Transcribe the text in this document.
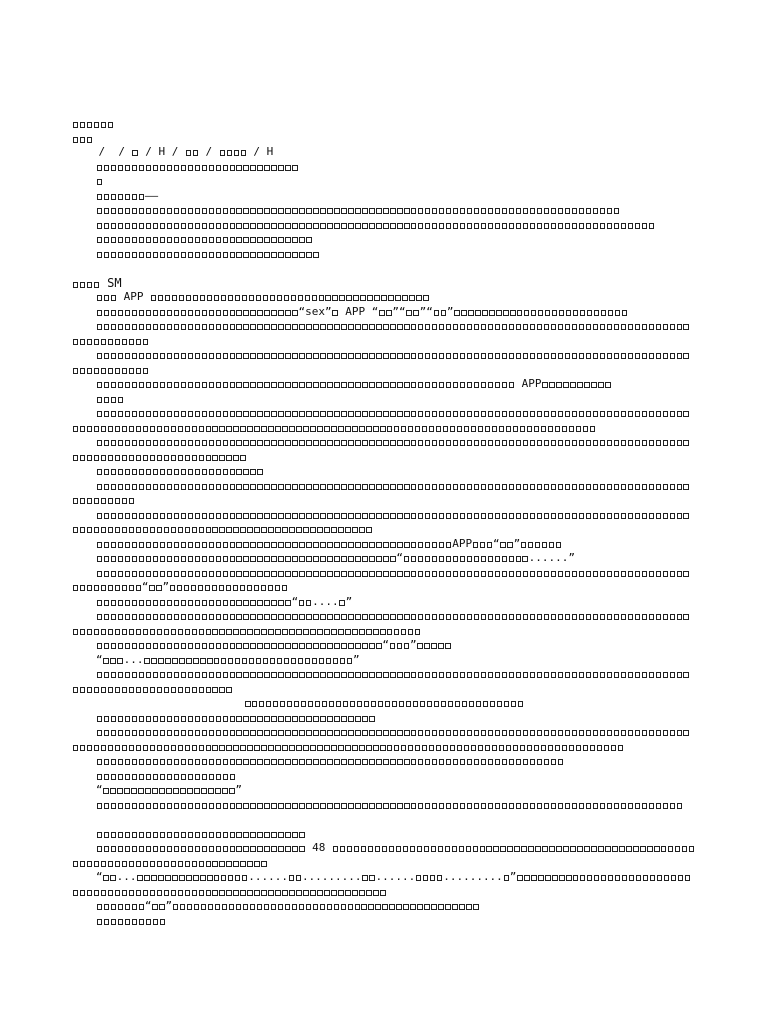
/  /  / H /  /	/ H
——
SM
APP
“sex” APP “ ”“ ”“ ”
APP
APP “ ”
“	......”
“ ”
“ .... ”
“ ”
“ ...	”
“	”
48
“ ...	...... ......... ......	......... ”
“ ”
